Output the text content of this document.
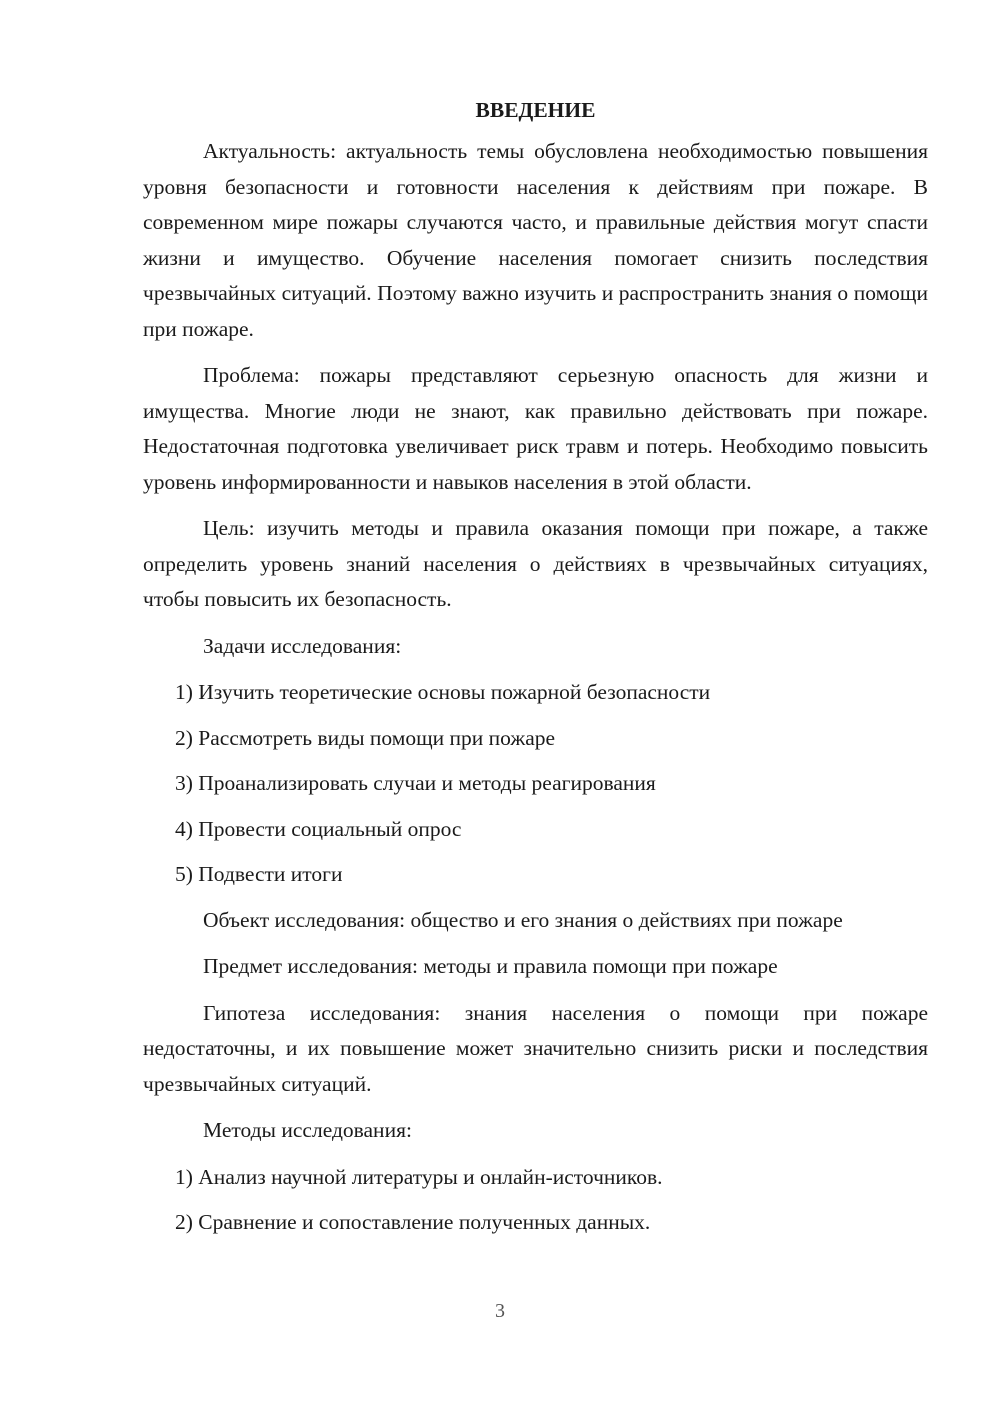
ВВЕДЕНИЕ

Актуальность: актуальность темы обусловлена необходимостью повышения уровня безопасности и готовности населения к действиям при пожаре. В современном мире пожары случаются часто, и правильные действия могут спасти жизни и имущество. Обучение населения помогает снизить последствия чрезвычайных ситуаций. Поэтому важно изучить и распространить знания о помощи при пожаре.

Проблема: пожары представляют серьезную опасность для жизни и имущества. Многие люди не знают, как правильно действовать при пожаре. Недостаточная подготовка увеличивает риск травм и потерь. Необходимо повысить уровень информированности и навыков населения в этой области.

Цель: изучить методы и правила оказания помощи при пожаре, а также определить уровень знаний населения о действиях в чрезвычайных ситуациях, чтобы повысить их безопасность.

Задачи исследования:

1) Изучить теоретические основы пожарной безопасности
2) Рассмотреть виды помощи при пожаре
3) Проанализировать случаи и методы реагирования
4) Провести социальный опрос
5) Подвести итоги

Объект исследования: общество и его знания о действиях при пожаре

Предмет исследования: методы и правила помощи при пожаре

Гипотеза исследования: знания населения о помощи при пожаре недостаточны, и их повышение может значительно снизить риски и последствия чрезвычайных ситуаций.

Методы исследования:

1) Анализ научной литературы и онлайн-источников.
2) Сравнение и сопоставление полученных данных.
3
